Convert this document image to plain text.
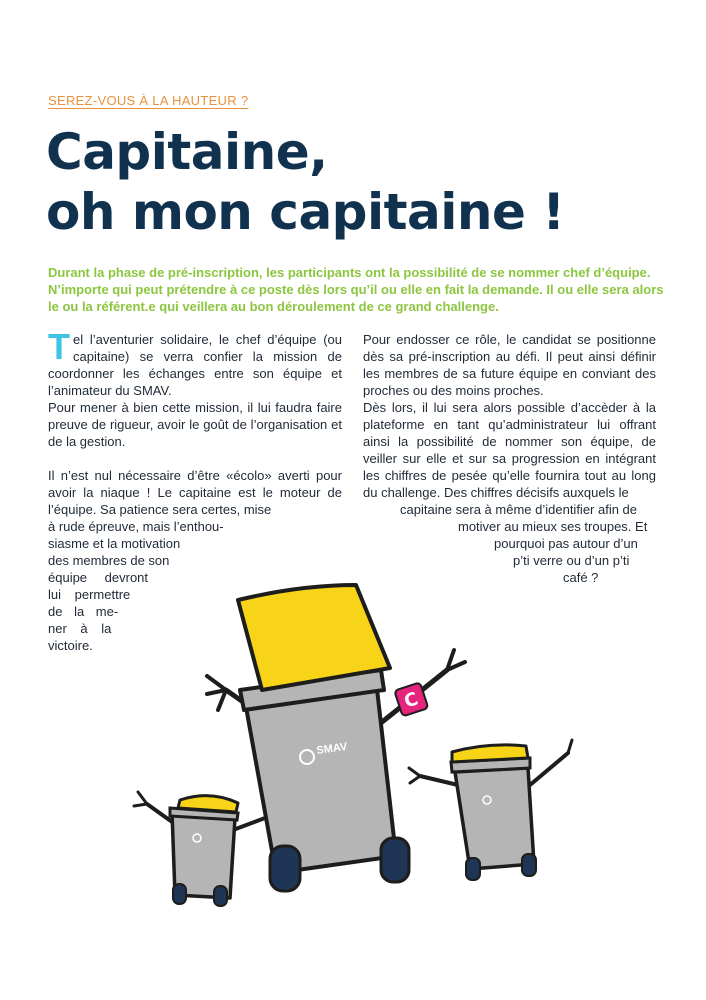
SEREZ-VOUS À LA HAUTEUR ?
Capitaine,
oh mon capitaine !

Durant la phase de pré-inscription, les participants ont la possibilité de se nommer chef d’équipe. N’importe qui peut prétendre à ce poste dès lors qu’il ou elle en fait la demande. Il ou elle sera alors le ou la référent.e qui veillera au bon déroulement de ce grand challenge.

Tel l’aventurier solidaire, le chef d’équipe (ou capitaine) se verra confier la mission de coordonner les échanges entre son équipe et l’animateur du SMAV.

Pour mener à bien cette mission, il lui faudra faire preuve de rigueur, avoir le goût de l’organisation et de la gestion.

Il n’est nul nécessaire d’être «écolo» averti pour avoir la niaque ! Le capitaine est le moteur de l’équipe. Sa patience sera certes, mise

à rude épreuve, mais l’enthou-
siasme et la motivation
des membres de son
équipe devront
lui permettre
de la me-
ner à la
victoire.

Pour endosser ce rôle, le candidat se positionne dès sa pré-inscription au défi. Il peut ainsi définir les membres de sa future équipe en conviant des proches ou des moins proches.

Dès lors, il lui sera alors possible d’accèder à la plateforme en tant qu’administrateur lui offrant ainsi la possibilité de nommer son équipe, de veiller sur elle et sur sa progression en intégrant les chiffres de pesée qu’elle fournira tout au long du challenge. Des chiffres décisifs auxquels le

capitaine sera à même d’identifier afin de
motiver au mieux ses troupes. Et
pourquoi pas autour d’un
p’ti verre ou d’un p’ti
café ?
SMAV
C
